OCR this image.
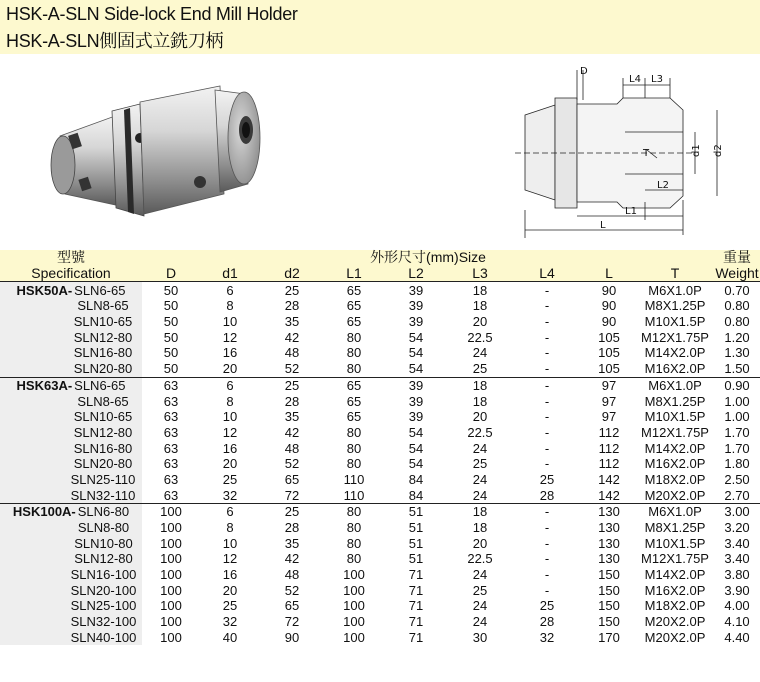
HSK-A-SLN Side-lock End Mill Holder
HSK-A-SLN側固式立銑刀柄
D
L4 L3
T	d1 d2
L2
L1
L
型號	外形尺寸(mm)Size									重量
Specification	D	d1	d2	L1	L2	L3	L4	L	T	Weight
HSK50A- SLN6-65	50	6	25	65	39	18	-	90	M6X1.0P	0.70
SLN8-65	50	8	28	65	39	18	-	90	M8X1.25P	0.80
SLN10-65	50	10	35	65	39	20	-	90	M10X1.5P	0.80
SLN12-80	50	12	42	80	54	22.5	-	105	M12X1.75P	1.20
SLN16-80	50	16	48	80	54	24	-	105	M14X2.0P	1.30
SLN20-80	50	20	52	80	54	25	-	105	M16X2.0P	1.50
HSK63A- SLN6-65	63	6	25	65	39	18	-	97	M6X1.0P	0.90
SLN8-65	63	8	28	65	39	18	-	97	M8X1.25P	1.00
SLN10-65	63	10	35	65	39	20	-	97	M10X1.5P	1.00
SLN12-80	63	12	42	80	54	22.5	-	112	M12X1.75P	1.70
SLN16-80	63	16	48	80	54	24	-	112	M14X2.0P	1.70
SLN20-80	63	20	52	80	54	25	-	112	M16X2.0P	1.80
SLN25-110	63	25	65	110	84	24	25	142	M18X2.0P	2.50
SLN32-110	63	32	72	110	84	24	28	142	M20X2.0P	2.70
HSK100A- SLN6-80	100	6	25	80	51	18	-	130	M6X1.0P	3.00
SLN8-80	100	8	28	80	51	18	-	130	M8X1.25P	3.20
SLN10-80	100	10	35	80	51	20	-	130	M10X1.5P	3.40
SLN12-80	100	12	42	80	51	22.5	-	130	M12X1.75P	3.40
SLN16-100	100	16	48	100	71	24	-	150	M14X2.0P	3.80
SLN20-100	100	20	52	100	71	25	-	150	M16X2.0P	3.90
SLN25-100	100	25	65	100	71	24	25	150	M18X2.0P	4.00
SLN32-100	100	32	72	100	71	24	28	150	M20X2.0P	4.10
SLN40-100	100	40	90	100	71	30	32	170	M20X2.0P	4.40
